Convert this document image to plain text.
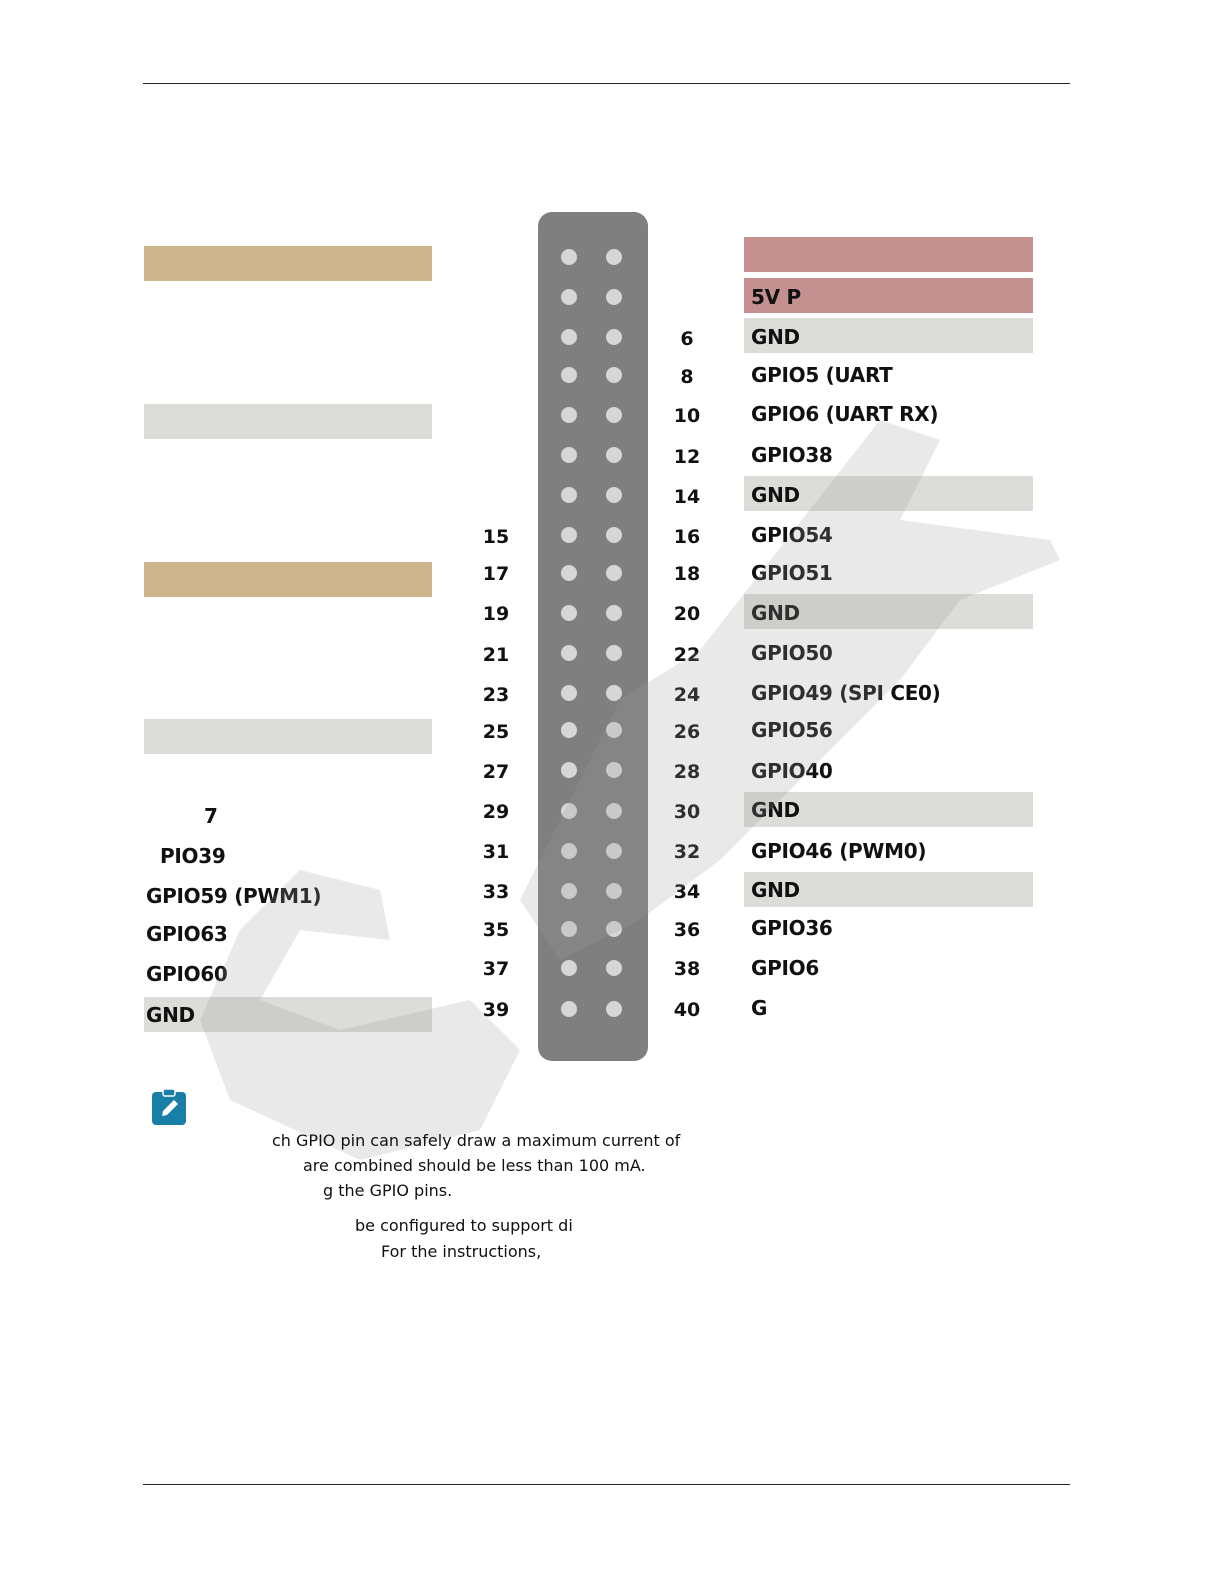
7
PIO39
GPIO59 (PWM1)
GPIO63
GPIO60
GND
15
17
19
21
23
25
27
29
31
33
35
37
39
6
8
10
12
14
16
18
20
22
24
26
28
30
32
34
36
38
40
5V P
GND
GPIO5 (UART
GPIO6 (UART RX)
GPIO38
GND
GPIO54
GPIO51
GND
GPIO50
GPIO49 (SPI CE0)
GPIO56
GPIO40
GND
GPIO46 (PWM0)
GND
GPIO36
GPIO6
G
ch GPIO pin can safely draw a maximum current of
are combined should be less than 100 mA.
g the GPIO pins.
be configured to support di
For the instructions,
